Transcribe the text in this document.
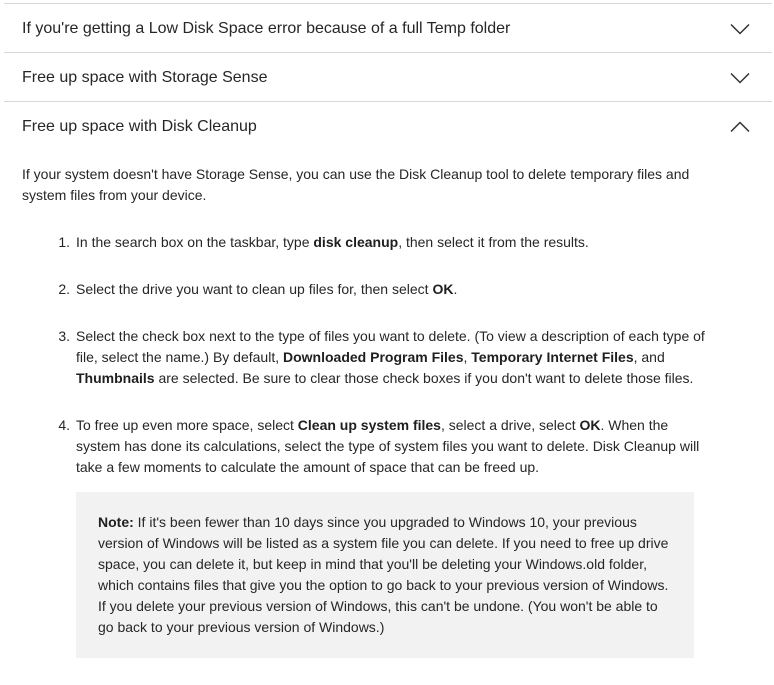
If you're getting a Low Disk Space error because of a full Temp folder
Free up space with Storage Sense
Free up space with Disk Cleanup

If your system doesn't have Storage Sense, you can use the Disk Cleanup tool to delete temporary files and system files from your device.

1. In the search box on the taskbar, type disk cleanup, then select it from the results.

2. Select the drive you want to clean up files for, then select OK.

3. Select the check box next to the type of files you want to delete. (To view a description of each type of file, select the name.) By default, Downloaded Program Files, Temporary Internet Files, and Thumbnails are selected. Be sure to clear those check boxes if you don't want to delete those files.

4. To free up even more space, select Clean up system files, select a drive, select OK. When the system has done its calculations, select the type of system files you want to delete. Disk Cleanup will take a few moments to calculate the amount of space that can be freed up.

Note: If it's been fewer than 10 days since you upgraded to Windows 10, your previous version of Windows will be listed as a system file you can delete. If you need to free up drive space, you can delete it, but keep in mind that you'll be deleting your Windows.old folder, which contains files that give you the option to go back to your previous version of Windows. If you delete your previous version of Windows, this can't be undone. (You won't be able to go back to your previous version of Windows.)
